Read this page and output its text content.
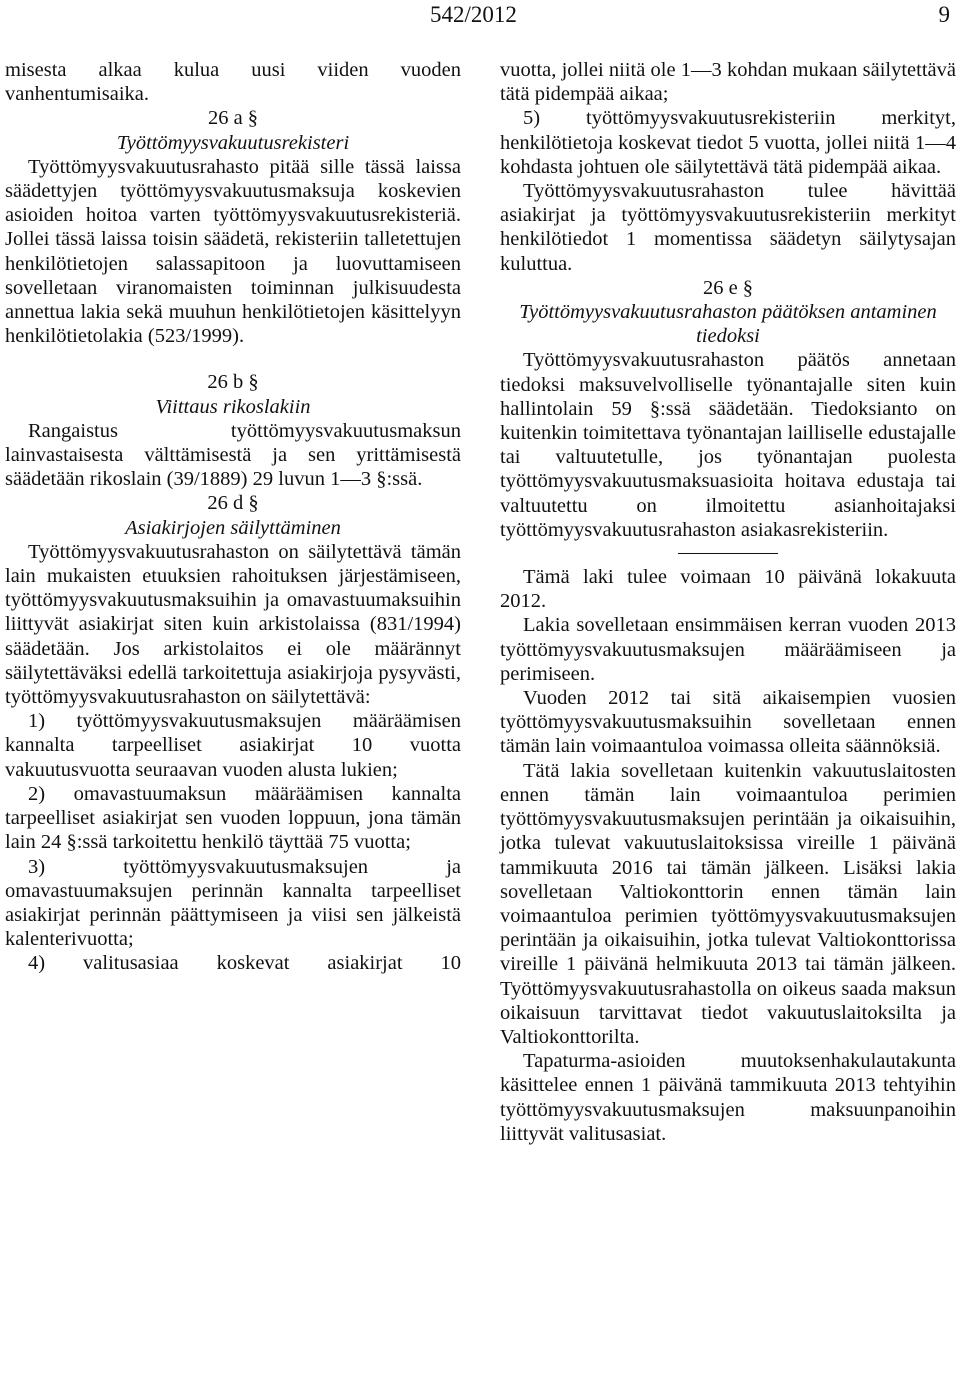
542/2012	9

misesta alkaa kulua uusi viiden vuoden vanhentumisaika.

26 a §

Työttömyysvakuutusrekisteri

Työttömyysvakuutusrahasto pitää sille tässä laissa säädettyjen työttömyysvakuutusmaksuja koskevien asioiden hoitoa varten työttömyysvakuutusrekisteriä. Jollei tässä laissa toisin säädetä, rekisteriin talletettujen henkilötietojen salassapitoon ja luovuttamiseen sovelletaan viranomaisten toiminnan julkisuudesta annettua lakia sekä muuhun henkilötietojen käsittelyyn henkilötietolakia (523/1999).

26 b §

Viittaus rikoslakiin

Rangaistus työttömyysvakuutusmaksun lainvastaisesta välttämisestä ja sen yrittämisestä säädetään rikoslain (39/1889) 29 luvun 1—3 §:ssä.

26 d §

Asiakirjojen säilyttäminen

Työttömyysvakuutusrahaston on säilytettävä tämän lain mukaisten etuuksien rahoituksen järjestämiseen, työttömyysvakuutusmaksuihin ja omavastuumaksuihin liittyvät asiakirjat siten kuin arkistolaissa (831/1994) säädetään. Jos arkistolaitos ei ole määrännyt säilytettäväksi edellä tarkoitettuja asiakirjoja pysyvästi, työttömyysvakuutusrahaston on säilytettävä:

1) työttömyysvakuutusmaksujen määräämisen kannalta tarpeelliset asiakirjat 10 vuotta vakuutusvuotta seuraavan vuoden alusta lukien;

2) omavastuumaksun määräämisen kannalta tarpeelliset asiakirjat sen vuoden loppuun, jona tämän lain 24 §:ssä tarkoitettu henkilö täyttää 75 vuotta;

3) työttömyysvakuutusmaksujen ja omavastuumaksujen perinnän kannalta tarpeelliset asiakirjat perinnän päättymiseen ja viisi sen jälkeistä kalenterivuotta;

4) valitusasiaa koskevat asiakirjat 10

vuotta, jollei niitä ole 1—3 kohdan mukaan säilytettävä tätä pidempää aikaa;

5) työttömyysvakuutusrekisteriin merkityt, henkilötietoja koskevat tiedot 5 vuotta, jollei niitä 1—4 kohdasta johtuen ole säilytettävä tätä pidempää aikaa.

Työttömyysvakuutusrahaston tulee hävittää asiakirjat ja työttömyysvakuutusrekisteriin merkityt henkilötiedot 1 momentissa säädetyn säilytysajan kuluttua.

26 e §

Työttömyysvakuutusrahaston päätöksen antaminen tiedoksi

Työttömyysvakuutusrahaston päätös annetaan tiedoksi maksuvelvolliselle työnantajalle siten kuin hallintolain 59 §:ssä säädetään. Tiedoksianto on kuitenkin toimitettava työnantajan lailliselle edustajalle tai valtuutetulle, jos työnantajan puolesta työttömyysvakuutusmaksuasioita hoitava edustaja tai valtuutettu on ilmoitettu asianhoitajaksi työttömyysvakuutusrahaston asiakasrekisteriin.

Tämä laki tulee voimaan 10 päivänä lokakuuta 2012.

Lakia sovelletaan ensimmäisen kerran vuoden 2013 työttömyysvakuutusmaksujen määräämiseen ja perimiseen.

Vuoden 2012 tai sitä aikaisempien vuosien työttömyysvakuutusmaksuihin sovelletaan ennen tämän lain voimaantuloa voimassa olleita säännöksiä.

Tätä lakia sovelletaan kuitenkin vakuutuslaitosten ennen tämän lain voimaantuloa perimien työttömyysvakuutusmaksujen perintään ja oikaisuihin, jotka tulevat vakuutuslaitoksissa vireille 1 päivänä tammikuuta 2016 tai tämän jälkeen. Lisäksi lakia sovelletaan Valtiokonttorin ennen tämän lain voimaantuloa perimien työttömyysvakuutusmaksujen perintään ja oikaisuihin, jotka tulevat Valtiokonttorissa vireille 1 päivänä helmikuuta 2013 tai tämän jälkeen. Työttömyysvakuutusrahastolla on oikeus saada maksun oikaisuun tarvittavat tiedot vakuutuslaitoksilta ja Valtiokonttorilta.

Tapaturma-asioiden muutoksenhakulautakunta käsittelee ennen 1 päivänä tammikuuta 2013 tehtyihin työttömyysvakuutusmaksujen maksuunpanoihin liittyvät valitusasiat.
